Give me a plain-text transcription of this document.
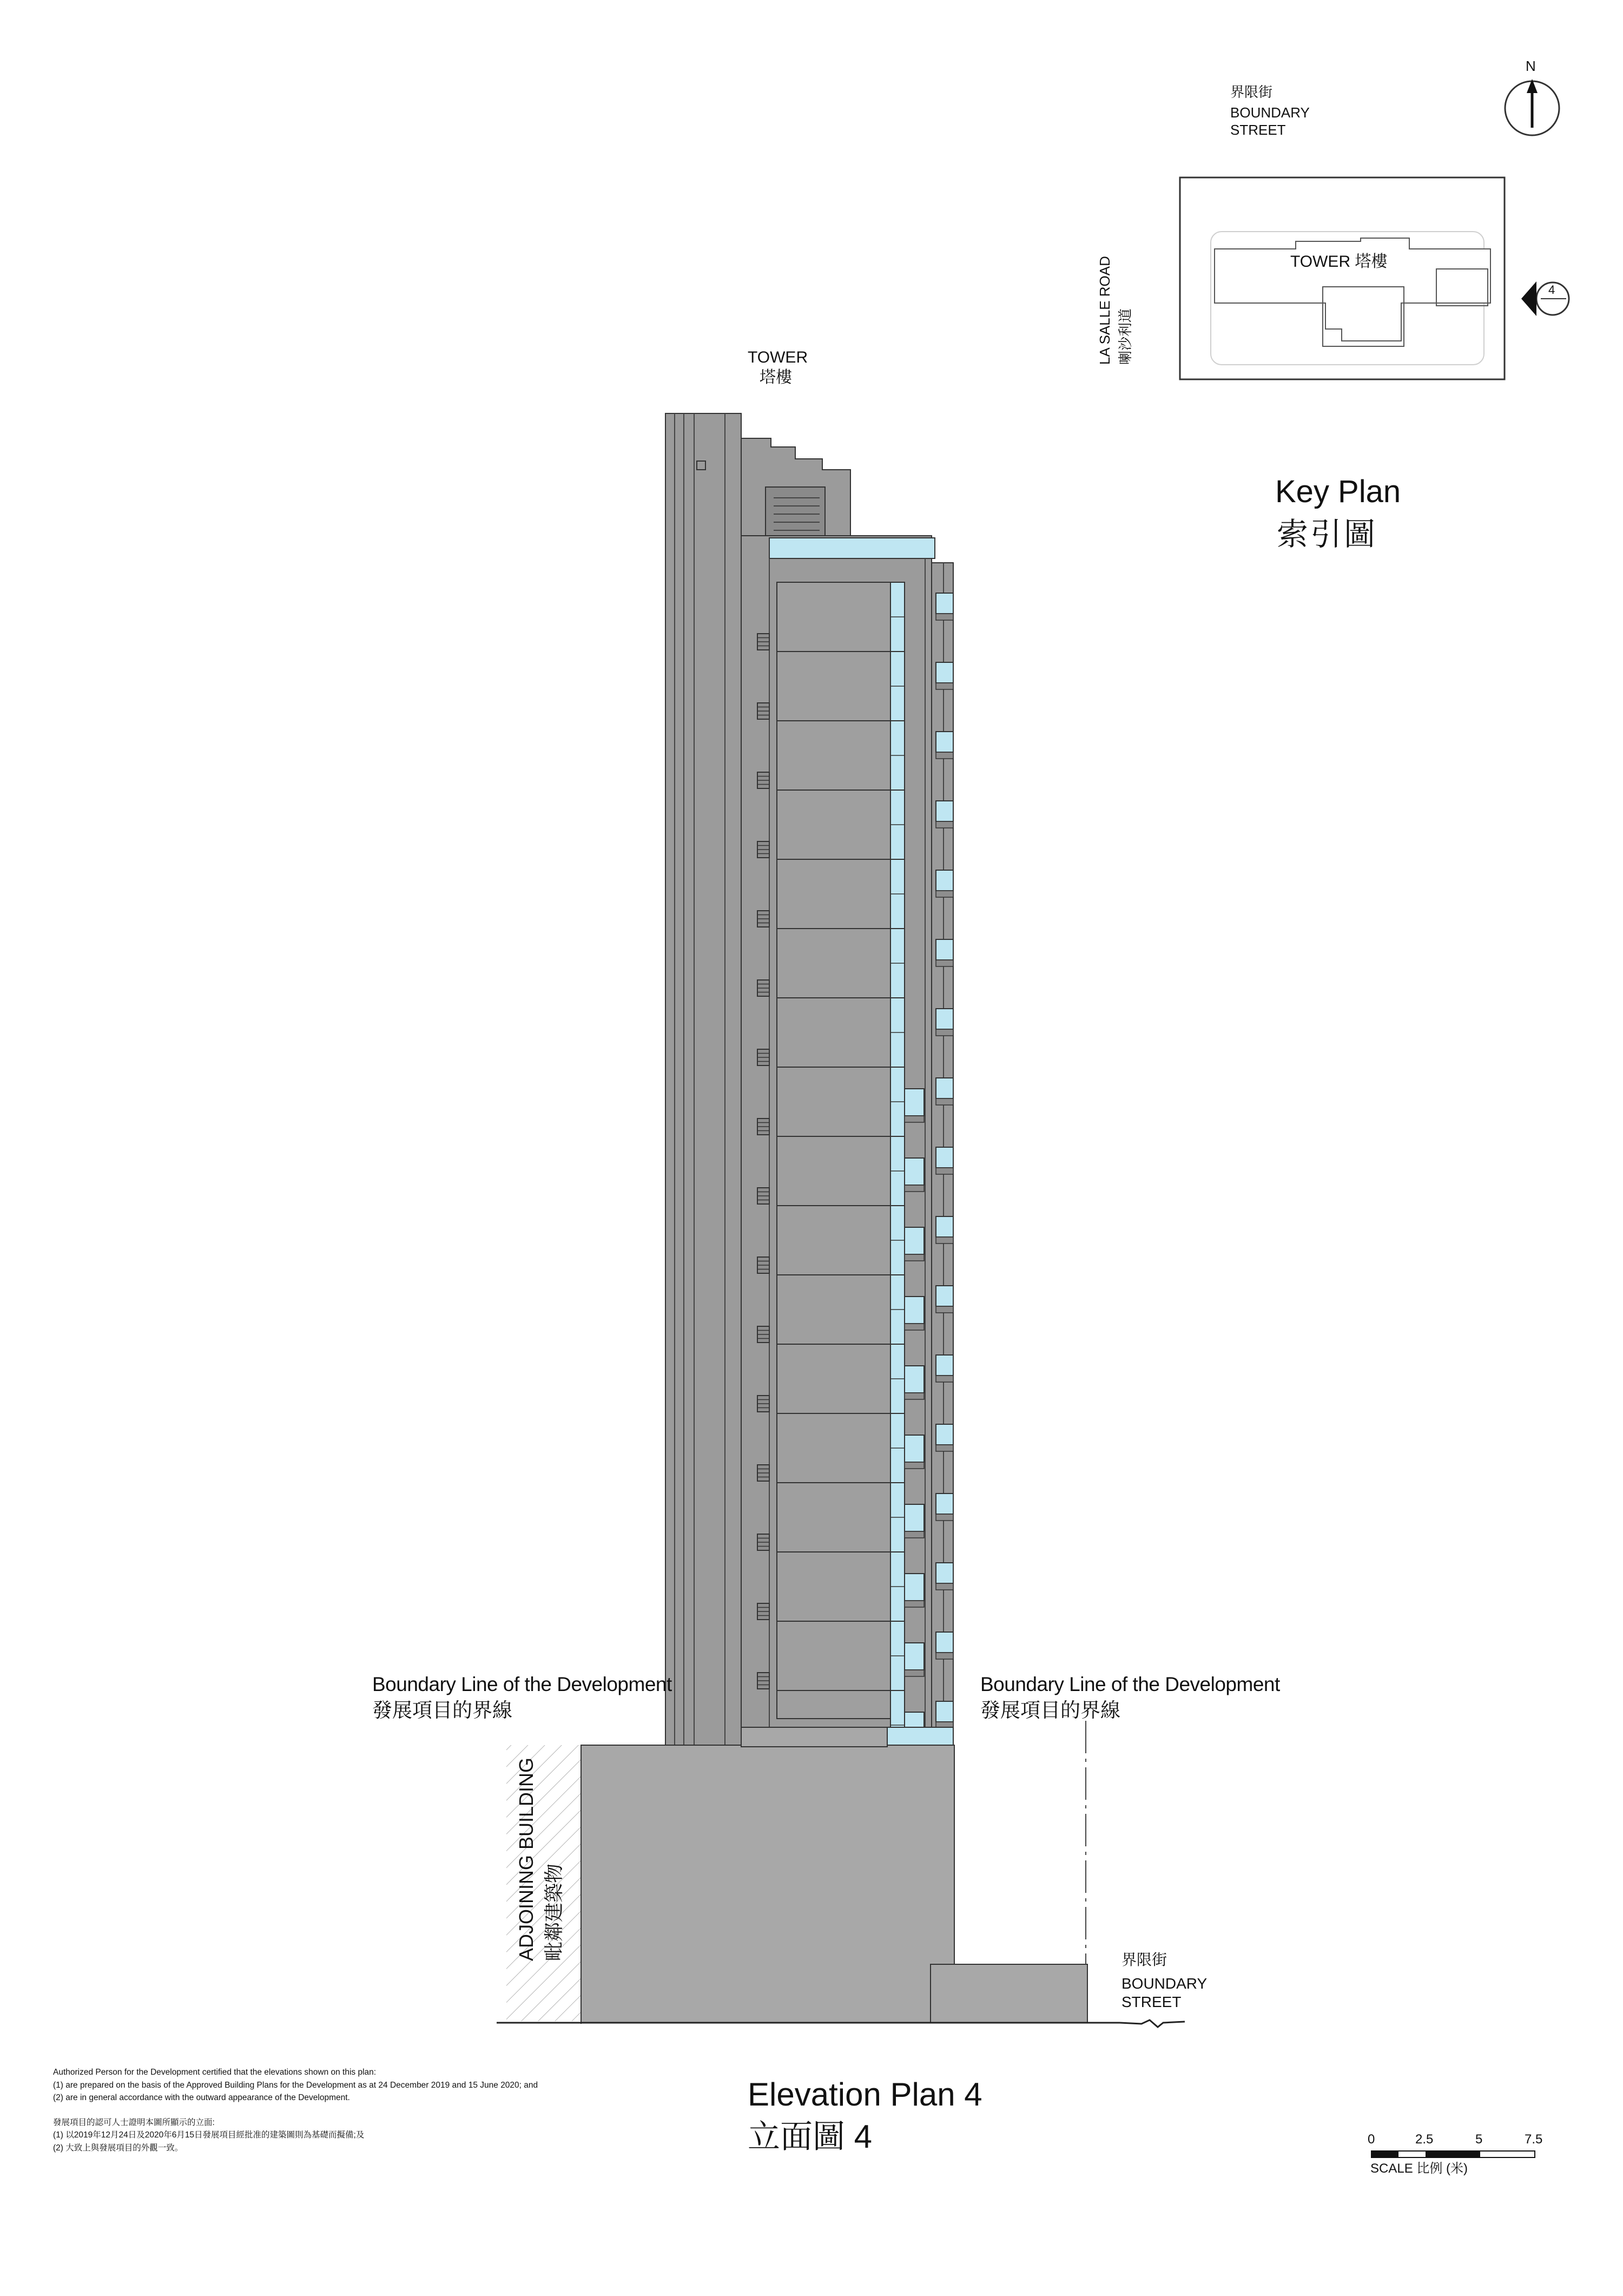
N
界限街
BOUNDARY
STREET
TOWER 塔樓
4
LA SALLE ROAD 喇沙利道
Key Plan
索引圖
TOWER
塔樓
Boundary Line of the Development
發展項目的界線
Boundary Line of the Development
發展項目的界線
ADJOINING BUILDING 毗鄰建築物	界限街
BOUNDARY
STREET
Elevation Plan 4
立面圖 4
Authorized Person for the Development certified that the elevations shown on this plan:
(1) are prepared on the basis of the Approved Building Plans for the Development as at 24 December 2019 and 15 June 2020; and
(2) are in general accordance with the outward appearance of the Development.
發展項目的認可人士證明本圖所顯示的立面:
(1) 以2019年12月24日及2020年6月15日發展項目經批准的建築圖則為基礎而擬備;及
(2) 大致上與發展項目的外觀一致。
0	2.5	5	7.5
SCALE 比例 (米)
